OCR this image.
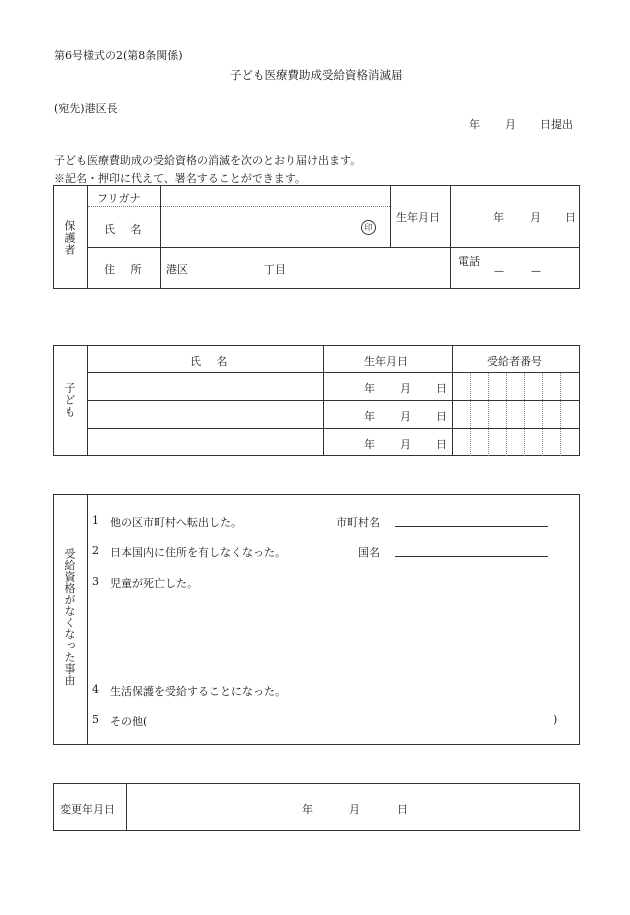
第6号様式の2(第8条関係)
子ども医療費助成受給資格消滅届
(宛先)港区長
年 月 日提出
子ども医療費助成の受給資格の消滅を次のとおり届け出ます。
※記名・押印に代えて、署名することができます。
保護者
フリガナ
氏 名	印
生年月日	年 月 日
住 所 港区	丁目
電話
—	—
子ども
氏 名	生年月日	受給者番号
年 月 日
年 月 日
年 月 日
受給資格がなくなった事由
1 他の区市町村へ転出した。	市町村名
2 日本国内に住所を有しなくなった。	国名
3 児童が死亡した。
4 生活保護を受給することになった。
5 その他(	)
変更年月日	年	月	日
